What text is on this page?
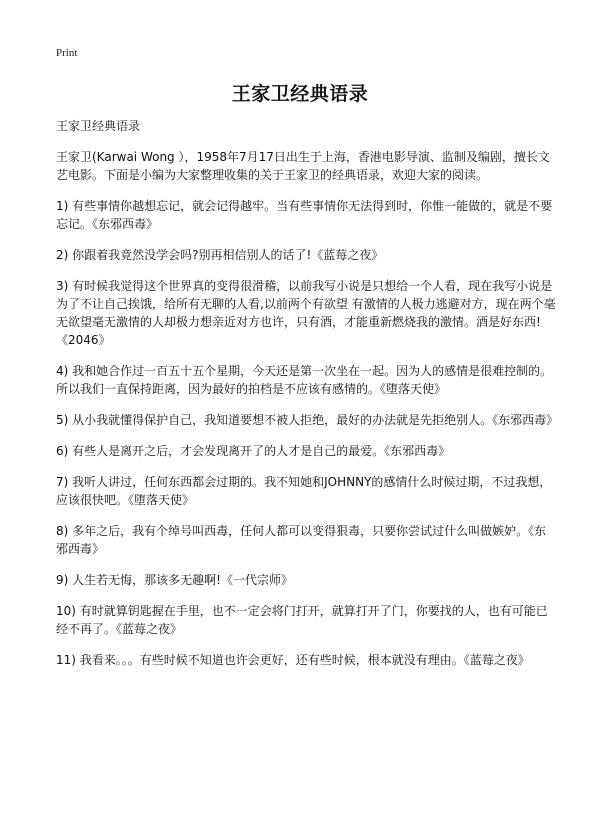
Print
王家卫经典语录

王家卫经典语录

王家卫(Karwai Wong ），1958年7月17日出生于上海，香港电影导演、监制及编剧，擅长文艺电影。下面是小编为大家整理收集的关于王家卫的经典语录，欢迎大家的阅读。

1) 有些事情你越想忘记，就会记得越牢。当有些事情你无法得到时，你惟一能做的，就是不要忘记。《东邪西毒》
2) 你跟着我竟然没学会吗?别再相信别人的话了!《蓝莓之夜》
3) 有时候我觉得这个世界真的变得很滑稽，以前我写小说是只想给一个人看，现在我写小说是为了不让自己挨饿，给所有无聊的人看,以前两个有欲望 有激情的人极力逃避对方，现在两个毫无欲望毫无激情的人却极力想亲近对方也许，只有酒，才能重新燃烧我的激情。酒是好东西!《2046》
4) 我和她合作过一百五十五个星期，今天还是第一次坐在一起。因为人的感情是很难控制的。所以我们一直保持距离，因为最好的拍档是不应该有感情的。《堕落天使》
5) 从小我就懂得保护自己，我知道要想不被人拒绝，最好的办法就是先拒绝别人。《东邪西毒》
6) 有些人是离开之后，才会发现离开了的人才是自己的最爱。《东邪西毒》
7) 我听人讲过，任何东西都会过期的。我不知她和JOHNNY的感情什么时候过期，不过我想，应该很快吧。《堕落天使》
8) 多年之后，我有个绰号叫西毒，任何人都可以变得狠毒，只要你尝试过什么叫做嫉妒。《东邪西毒》
9) 人生若无悔，那该多无趣啊!《一代宗师》
10) 有时就算钥匙握在手里，也不一定会将门打开，就算打开了门，你要找的人，也有可能已经不再了。《蓝莓之夜》
11) 我看来。。。有些时候不知道也许会更好，还有些时候，根本就没有理由。《蓝莓之夜》
